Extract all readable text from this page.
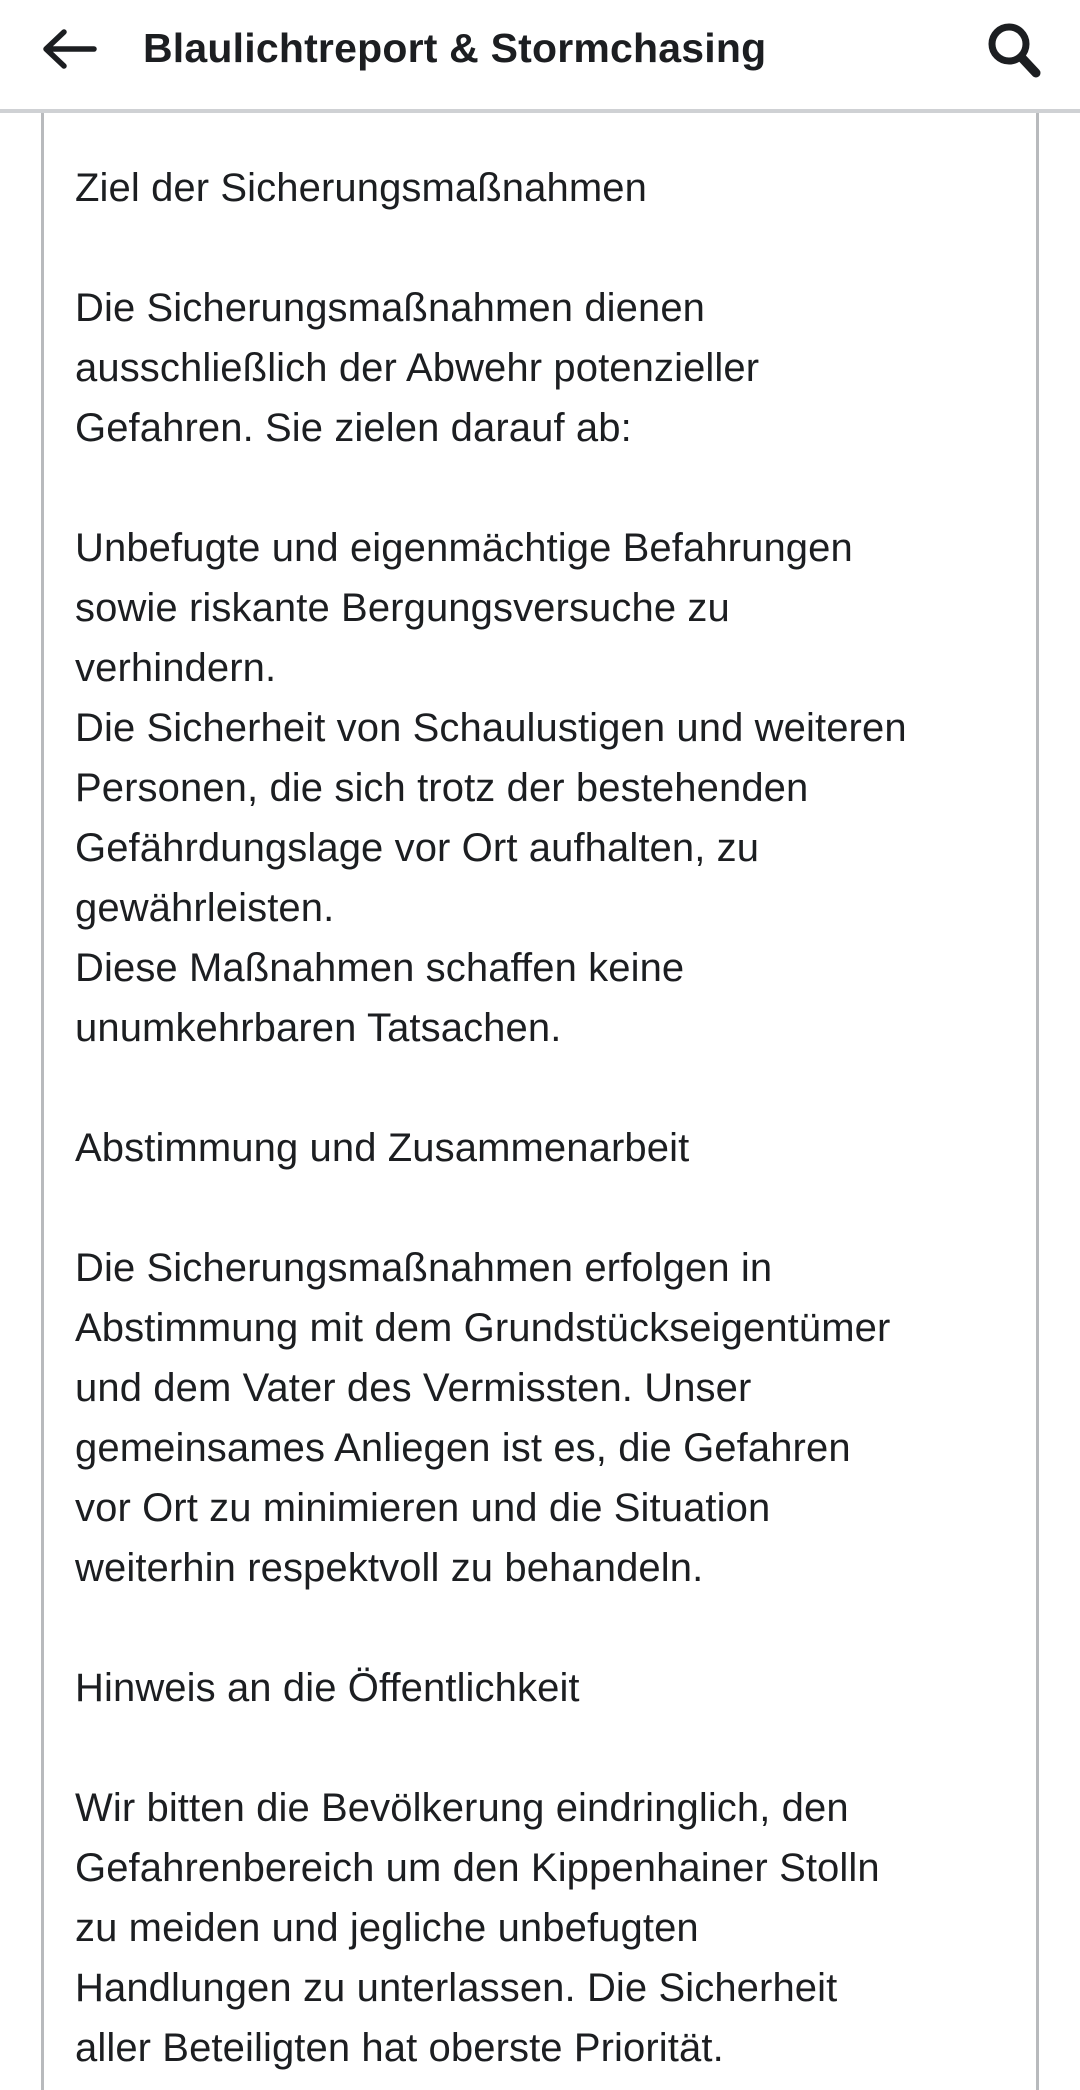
Blaulichtreport & Stormchasing
Ziel der Sicherungsmaßnahmen
Die Sicherungsmaßnahmen dienen
ausschließlich der Abwehr potenzieller
Gefahren. Sie zielen darauf ab:
Unbefugte und eigenmächtige Befahrungen
sowie riskante Bergungsversuche zu
verhindern.
Die Sicherheit von Schaulustigen und weiteren
Personen, die sich trotz der bestehenden
Gefährdungslage vor Ort aufhalten, zu
gewährleisten.
Diese Maßnahmen schaffen keine
unumkehrbaren Tatsachen.
Abstimmung und Zusammenarbeit
Die Sicherungsmaßnahmen erfolgen in
Abstimmung mit dem Grundstückseigentümer
und dem Vater des Vermissten. Unser
gemeinsames Anliegen ist es, die Gefahren
vor Ort zu minimieren und die Situation
weiterhin respektvoll zu behandeln.
Hinweis an die Öffentlichkeit
Wir bitten die Bevölkerung eindringlich, den
Gefahrenbereich um den Kippenhainer Stolln
zu meiden und jegliche unbefugten
Handlungen zu unterlassen. Die Sicherheit
aller Beteiligten hat oberste Priorität.
